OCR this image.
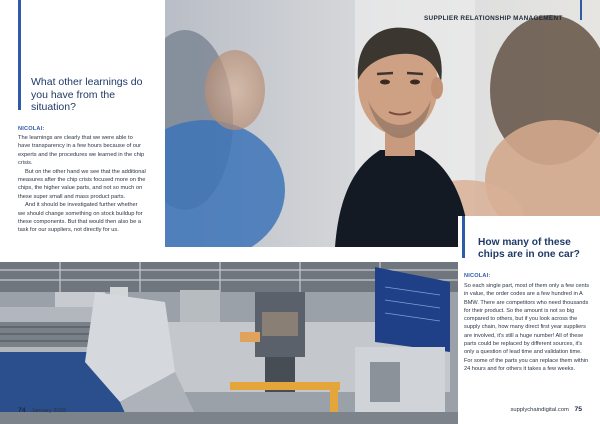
SUPPLIER RELATIONSHIP MANAGEMENT
What other learnings do you have from the situation?
NICOLAI:

The learnings are clearly that we were able to have transparency in a few hours because of our experts and the procedures we learned in the chip crisis.

But on the other hand we see that the additional measures after the chip crisis focused more on the chips, the higher value parts, and not so much on these super small and mass product parts.

And it should be investigated further whether we should change something on stock buildup for these components. But that would then also be a task for our suppliers, not directly for us.

How many of these chips are in one car?
NICOLAI:

So each single part, most of them only a few cents in value, the order codes are a few hundred in A BMW. There are competitors who need thousands for their product. So the amount is not so big compared to others, but if you look across the supply chain, how many direct first year suppliers are involved, it's still a huge number! All of these parts could be replaced by different sources, it's only a question of lead time and validation time. For some of the parts you can replace them within 24 hours and for others it takes a few weeks.

74 January 2026	supplychaindigital.com 75
